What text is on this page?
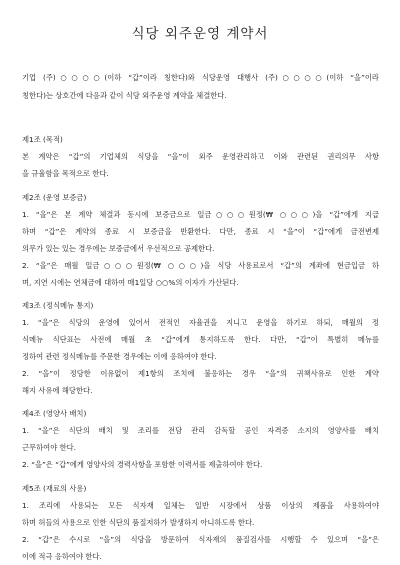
식당 외주운영 계약서
기업 (주)○○○○(이하 “갑”이라 칭한다)와 식당운영 대행사 (주)○○○○(이하 “을”이라
칭한다)는 상호간에 다음과 같이 식당 외주운영 계약을 체결한다.
제1조 (목적)
본 계약은 “갑”의 기업체의 식당을 “을”이 외주 운영관리하고 이와 관련된 권리의무 사항
을 규율함을 목적으로 한다.
제2조 (운영 보증금)
1. “을”은 본 계약 체결과 동시에 보증금으로 일금○○○원정(₩ ○○○)을 “갑”에게 지급
하며 “갑”은 계약의 종료 시 보증금을 반환한다. 다만, 종료 시 “을”이 “갑”에게 금전변제
의무가 있는 있는 경우에는 보증금에서 우선적으로 공제한다.
2. “을”은 매월 일금○○○원정(₩ ○○○)을 식당 사용료로서 “갑”의 계좌에 현금입금 하
며, 지연 시에는 연체금에 대하여 매1일당 ○○%의 이자가 가산된다.
제3조 (정식메뉴 통지)
1. “을”은 식당의 운영에 있어서 전적인 자율권을 지니고 운영을 하기로 하되, 매월의 정
식메뉴 식단표는 사전에 매월 초 “갑”에게 통지하도록 한다. 다만, “갑”이 특별히 메뉴를
정하여 관련 정식메뉴를 주문한 경우에는 이에 응하여야 한다.
2. “을”이 정당한 이유없이 제1항의 조치에 불응하는 경우 “을”의 귀책사유로 인한 계약
해지 사유에 해당한다.
제4조 (영양사 배치)
1. “을”은 식단의 배치 및 조리를 전담 관리 감독할 공인 자격증 소지의 영양사를 배치
근무하여야 한다.
2. “을”은 “갑”에게 영양사의 경력사항을 포함한 이력서를 제출하여야 한다.
제5조 (재료의 사용)
1. 조리에 사용되는 모든 식자재 일체는 일반 시장에서 상품 이상의 제품을 사용하여야
하며 허들의 사용으로 인한 식단의 품질저하가 발생하지 아니하도록 한다.
2. “갑”은 수시로 “을”의 식당을 방문하여 식자재의 품질검사를 시행할 수 있으며 “을”은
이에 적극 응하여야 한다.
